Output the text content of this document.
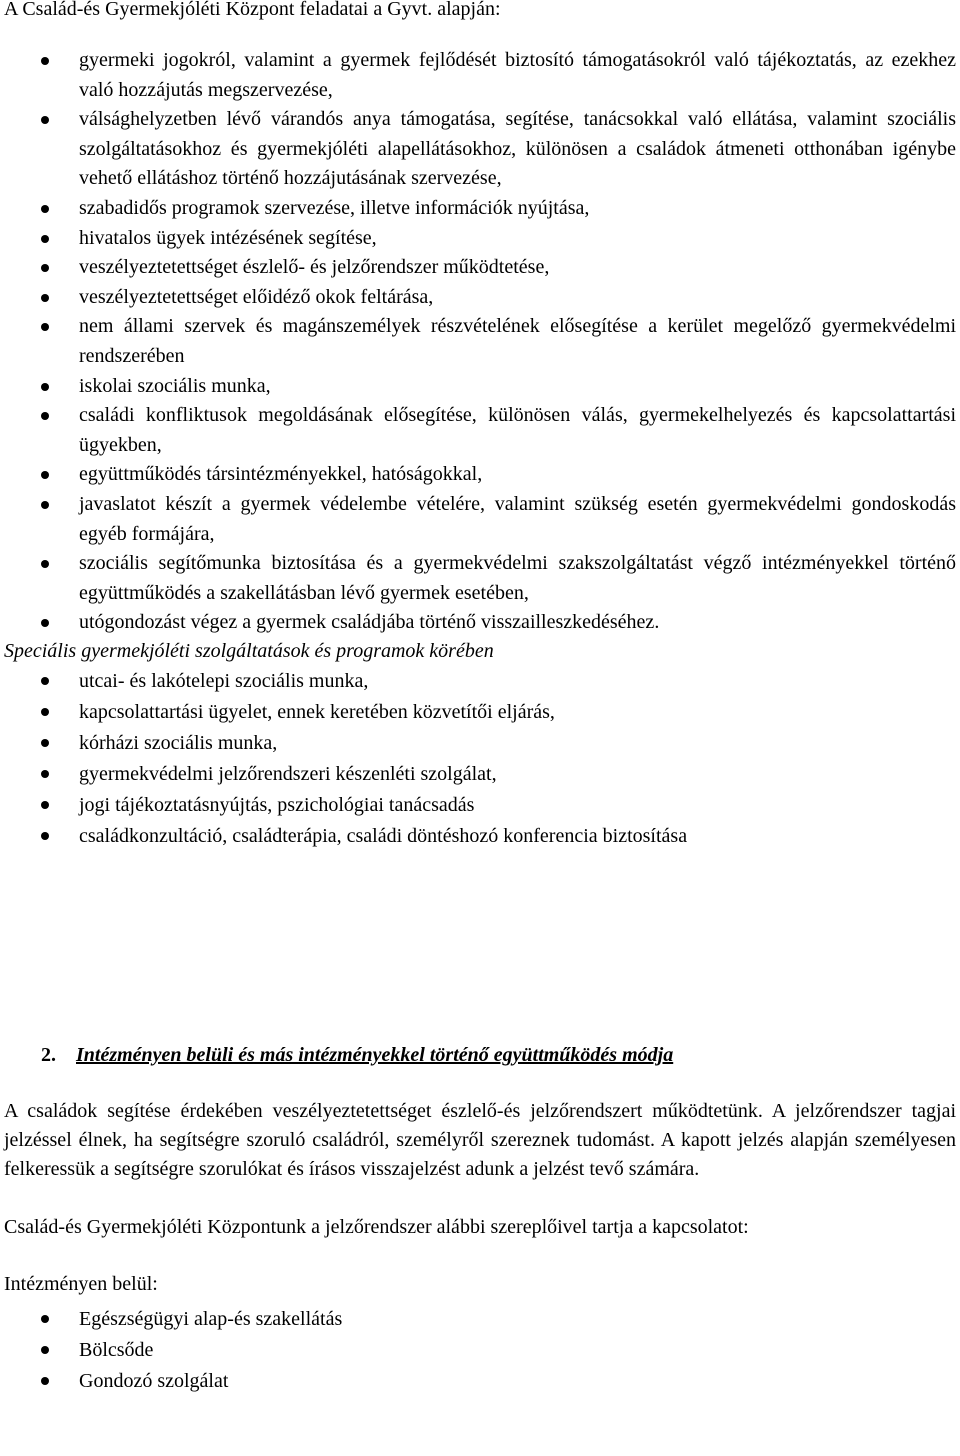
A Család-és Gyermekjóléti Központ feladatai a Gyvt. alapján:

gyermeki jogokról, valamint a gyermek fejlődését biztosító támogatásokról való tájékoztatás, az ezekhez való hozzájutás megszervezése,
válsághelyzetben lévő várandós anya támogatása, segítése, tanácsokkal való ellátása, valamint szociális szolgáltatásokhoz és gyermekjóléti alapellátásokhoz, különösen a családok átmeneti otthonában igénybe vehető ellátáshoz történő hozzájutásának szervezése,
szabadidős programok szervezése, illetve információk nyújtása,
hivatalos ügyek intézésének segítése,
veszélyeztetettséget észlelő- és jelzőrendszer működtetése,
veszélyeztetettséget előidéző okok feltárása,
nem állami szervek és magánszemélyek részvételének elősegítése a kerület megelőző gyermekvédelmi rendszerében
iskolai szociális munka,
családi konfliktusok megoldásának elősegítése, különösen válás, gyermekelhelyezés és kapcsolattartási ügyekben,
együttműködés társintézményekkel, hatóságokkal,
javaslatot készít a gyermek védelembe vételére, valamint szükség esetén gyermekvédelmi gondoskodás egyéb formájára,
szociális segítőmunka biztosítása és a gyermekvédelmi szakszolgáltatást végző intézményekkel történő együttműködés a szakellátásban lévő gyermek esetében,
utógondozást végez a gyermek családjába történő visszailleszkedéséhez.

Speciális gyermekjóléti szolgáltatások és programok körében

utcai- és lakótelepi szociális munka,
kapcsolattartási ügyelet, ennek keretében közvetítői eljárás,
kórházi szociális munka,
gyermekvédelmi jelzőrendszeri készenléti szolgálat,
jogi tájékoztatásnyújtás, pszichológiai tanácsadás
családkonzultáció, családterápia, családi döntéshozó konferencia biztosítása

2. Intézményen belüli és más intézményekkel történő együttműködés módja

A családok segítése érdekében veszélyeztetettséget észlelő-és jelzőrendszert működtetünk. A jelzőrendszer tagjai jelzéssel élnek, ha segítségre szoruló családról, személyről szereznek tudomást. A kapott jelzés alapján személyesen felkeressük a segítségre szorulókat és írásos visszajelzést adunk a jelzést tevő számára.

Család-és Gyermekjóléti Központunk a jelzőrendszer alábbi szereplőivel tartja a kapcsolatot:

Intézményen belül:

Egészségügyi alap-és szakellátás
Bölcsőde
Gondozó szolgálat
